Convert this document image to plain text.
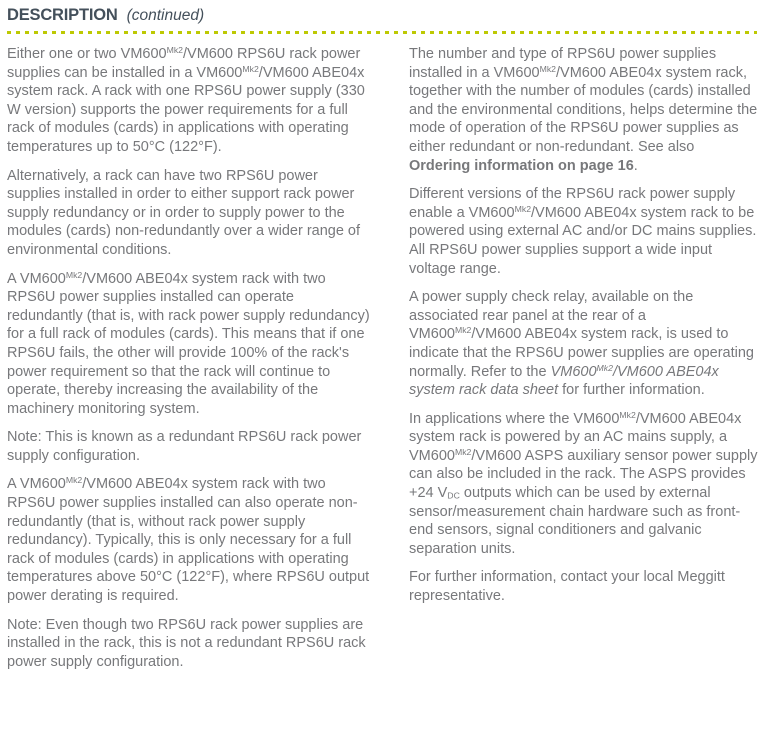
DESCRIPTION (continued)

Either one or two $VM600^{Mk2}/VM600$ RPS6U rack power supplies can be installed in a $VM600^{Mk2}/VM600$ ABE04x system rack. A rack with one RPS6U power supply (330 W version) supports the power requirements for a full rack of modules (cards) in applications with operating temperatures up to 50°C (122°F).

Alternatively, a rack can have two RPS6U power supplies installed in order to either support rack power supply redundancy or in order to supply power to the modules (cards) non-redundantly over a wider range of environmental conditions.

A $VM600^{Mk2}/VM600$ ABE04x system rack with two RPS6U power supplies installed can operate redundantly (that is, with rack power supply redundancy) for a full rack of modules (cards). This means that if one RPS6U fails, the other will provide 100% of the rack's power requirement so that the rack will continue to operate, thereby increasing the availability of the machinery monitoring system.

Note: This is known as a redundant RPS6U rack power supply configuration.

A $VM600^{Mk2}/VM600$ ABE04x system rack with two RPS6U power supplies installed can also operate non-redundantly (that is, without rack power supply redundancy). Typically, this is only necessary for a full rack of modules (cards) in applications with operating temperatures above 50°C (122°F), where RPS6U output power derating is required.

Note: Even though two RPS6U rack power supplies are installed in the rack, this is not a redundant RPS6U rack power supply configuration.

The number and type of RPS6U power supplies installed in a $VM600^{Mk2}/VM600$ ABE04x system rack, together with the number of modules (cards) installed and the environmental conditions, helps determine the mode of operation of the RPS6U power supplies as either redundant or non-redundant. See also Ordering information on page 16.

Different versions of the RPS6U rack power supply enable a $VM600^{Mk2}/VM600$ ABE04x system rack to be powered using external AC and/or DC mains supplies. All RPS6U power supplies support a wide input voltage range.

A power supply check relay, available on the associated rear panel at the rear of a $VM600^{Mk2}/VM600$ ABE04x system rack, is used to indicate that the RPS6U power supplies are operating normally. Refer to the $VM600^{Mk2}/VM600$ ABE04x system rack data sheet for further information.

In applications where the $VM600^{Mk2}/VM600$ ABE04x system rack is powered by an AC mains supply, a $VM600^{Mk2}/VM600$ ASPS auxiliary sensor power supply can also be included in the rack. The ASPS provides +24 $V_{DC}$ outputs which can be used by external sensor/measurement chain hardware such as front-end sensors, signal conditioners and galvanic separation units.

For further information, contact your local Meggitt representative.
